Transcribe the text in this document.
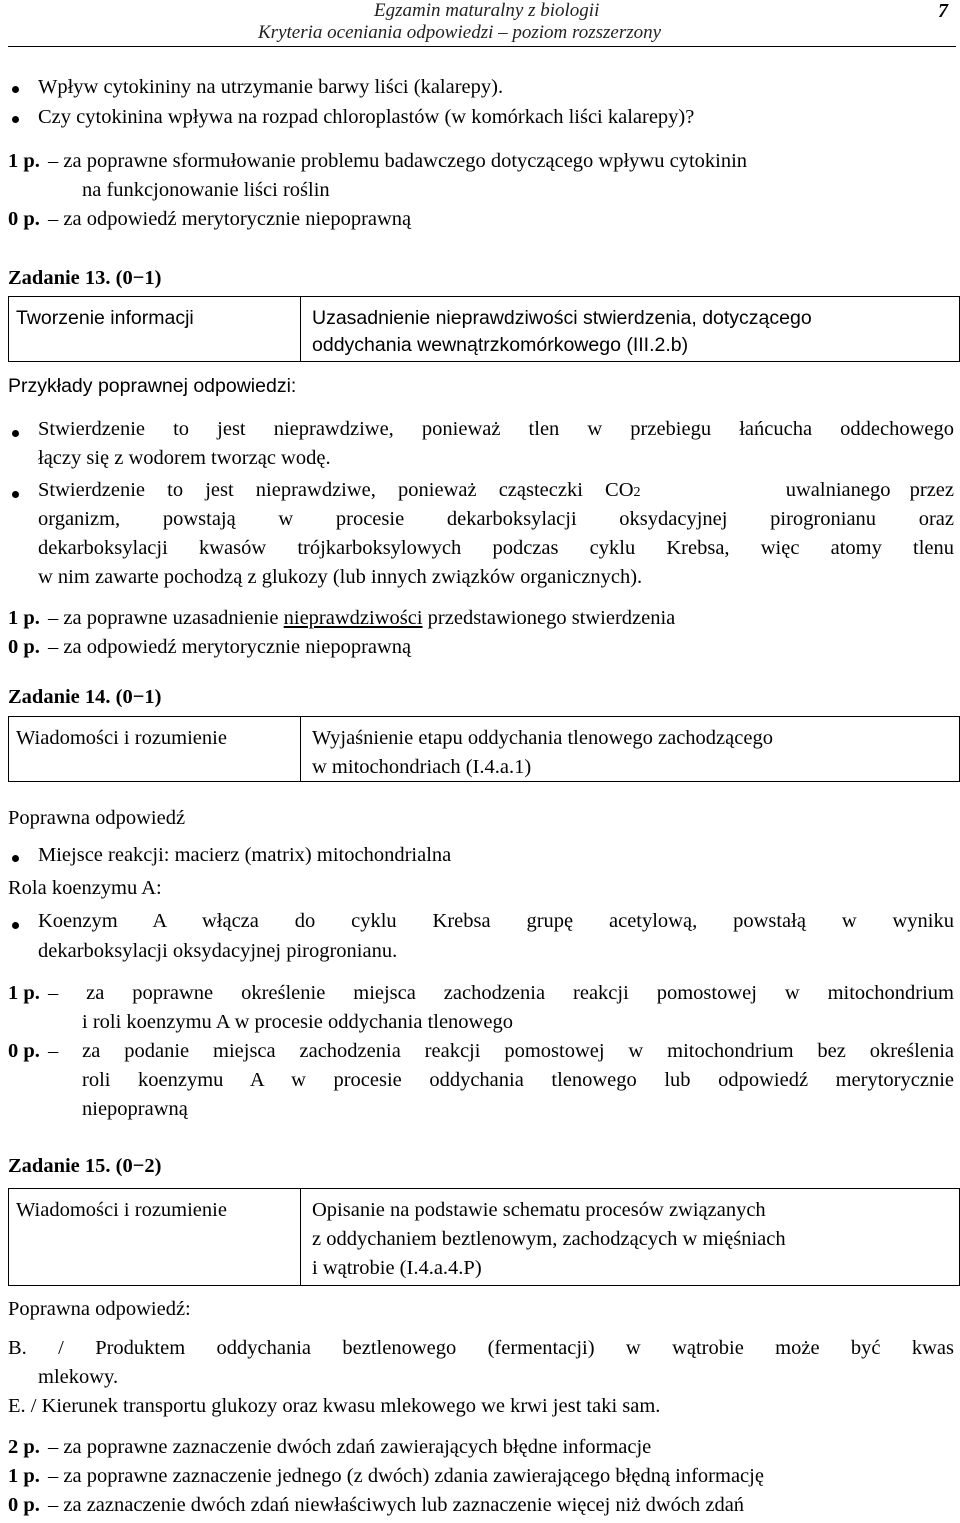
Egzamin maturalny z biologii
Kryteria oceniania odpowiedzi – poziom rozszerzony
7
Wpływ cytokininy na utrzymanie barwy liści (kalarepy).
Czy cytokinina wpływa na rozpad chloroplastów (w komórkach liści kalarepy)?
1 p. – za poprawne sformułowanie problemu badawczego dotyczącego wpływu cytokinin
na funkcjonowanie liści roślin
0 p. – za odpowiedź merytorycznie niepoprawną
Zadanie 13. (0−1)
Tworzenie informacji	Uzasadnienie nieprawdziwości stwierdzenia, dotyczącego
oddychania wewnątrzkomórkowego (III.2.b)
Przykłady poprawnej odpowiedzi:
Stwierdzenie to jest nieprawdziwe, ponieważ tlen w przebiegu łańcucha oddechowego
łączy się z wodorem tworząc wodę.
Stwierdzenie to jest nieprawdziwe, ponieważ cząsteczki CO 2	uwalnianego przez
organizm, powstają w procesie dekarboksylacji oksydacyjnej pirogronianu oraz
dekarboksylacji kwasów trójkarboksylowych podczas cyklu Krebsa, więc atomy tlenu
w nim zawarte pochodzą z glukozy (lub innych związków organicznych).
1 p. – za poprawne uzasadnienie nieprawdziwości przedstawionego stwierdzenia
0 p. – za odpowiedź merytorycznie niepoprawną
Zadanie 14. (0−1)
Wiadomości i rozumienie	Wyjaśnienie etapu oddychania tlenowego zachodzącego
w mitochondriach (I.4.a.1)
Poprawna odpowiedź
Miejsce reakcji: macierz (matrix) mitochondrialna
Rola koenzymu A:
Koenzym A włącza do cyklu Krebsa grupę acetylową, powstałą w wyniku
dekarboksylacji oksydacyjnej pirogronianu.
1 p. – za poprawne określenie miejsca zachodzenia reakcji pomostowej w mitochondrium
i roli koenzymu A w procesie oddychania tlenowego
0 p. – za podanie miejsca zachodzenia reakcji pomostowej w mitochondrium bez określenia
roli koenzymu A w procesie oddychania tlenowego lub odpowiedź merytorycznie
niepoprawną
Zadanie 15. (0−2)
Wiadomości i rozumienie	Opisanie na podstawie schematu procesów związanych
z oddychaniem beztlenowym, zachodzących w mięśniach
i wątrobie (I.4.a.4.P)
Poprawna odpowiedź:
B. / Produktem oddychania beztlenowego (fermentacji) w wątrobie może być kwas
mlekowy.
E. / Kierunek transportu glukozy oraz kwasu mlekowego we krwi jest taki sam.
2 p. – za poprawne zaznaczenie dwóch zdań zawierających błędne informacje
1 p. – za poprawne zaznaczenie jednego (z dwóch) zdania zawierającego błędną informację
0 p. – za zaznaczenie dwóch zdań niewłaściwych lub zaznaczenie więcej niż dwóch zdań
